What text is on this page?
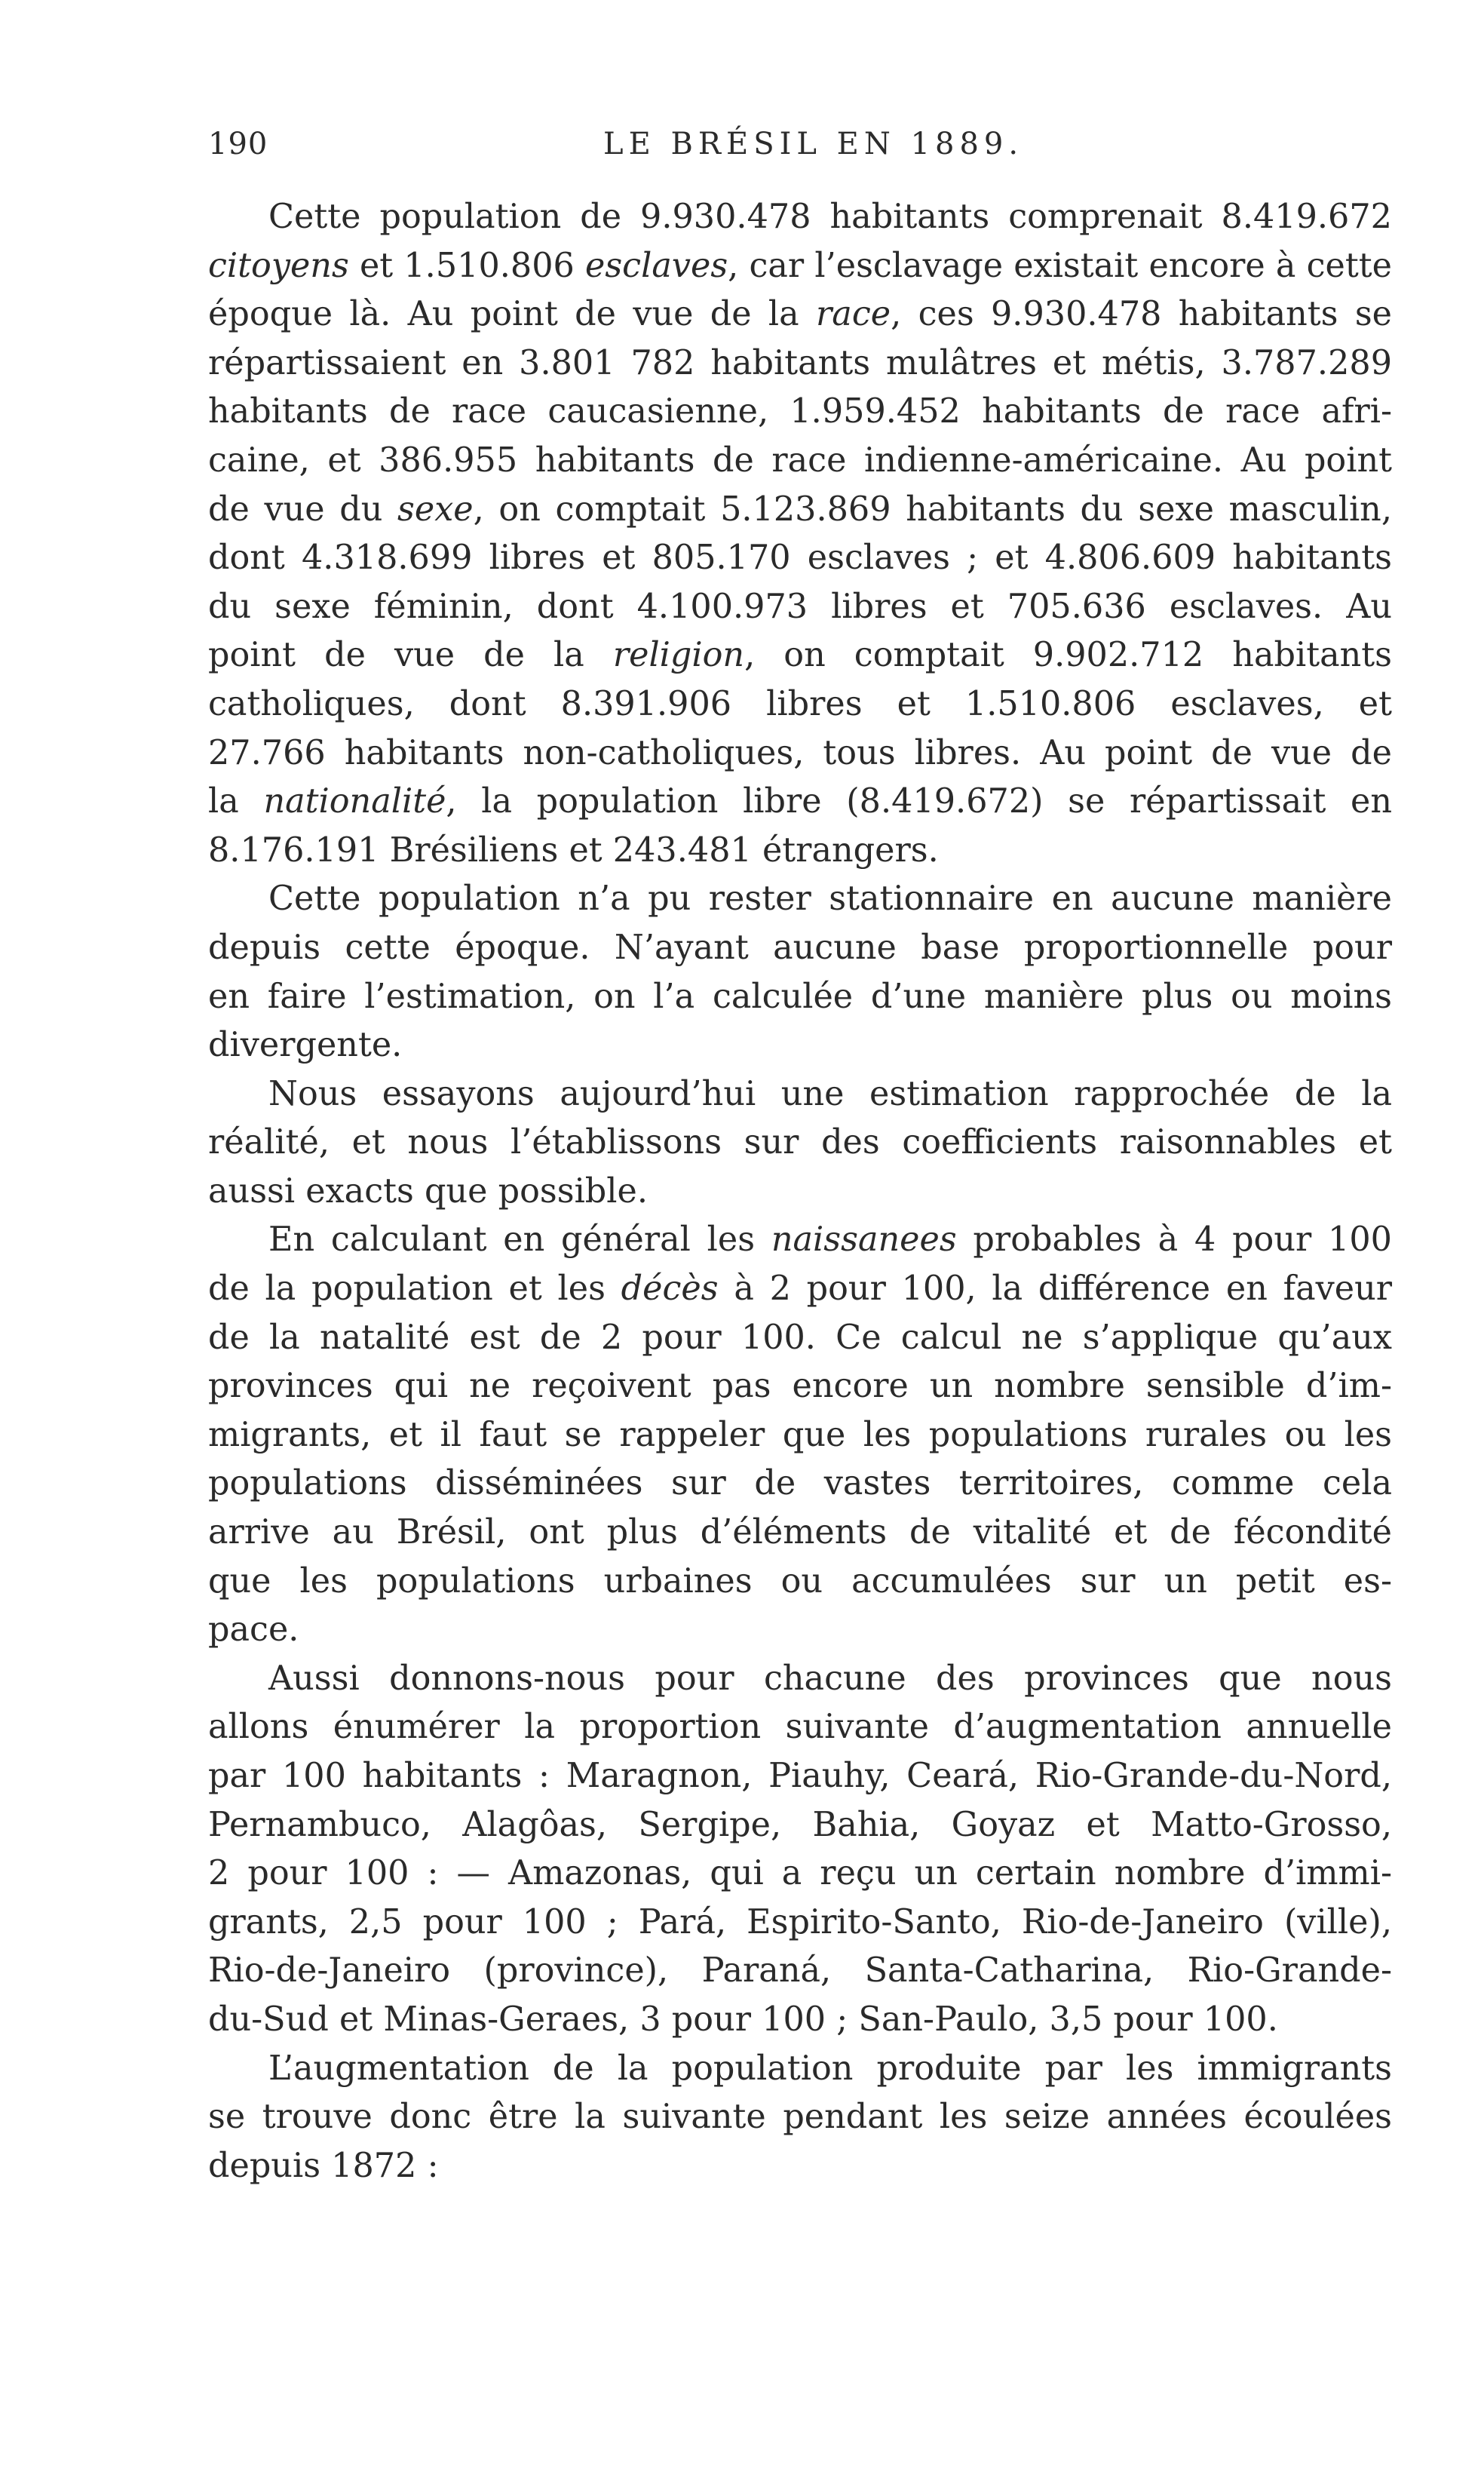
190	LE BRÉSIL EN 1889.
Cette population de 9.930.478 habitants comprenait 8.419.672
citoyens et 1.510.806 esclaves, car l’esclavage existait encore à cette
époque là. Au point de vue de la race, ces 9.930.478 habitants se
répartissaient en 3.801 782 habitants mulâtres et métis, 3.787.289
habitants de race caucasienne, 1.959.452 habitants de race afri-
caine, et 386.955 habitants de race indienne-américaine. Au point
de vue du sexe, on comptait 5.123.869 habitants du sexe masculin,
dont 4.318.699 libres et 805.170 esclaves ; et 4.806.609 habitants
du sexe féminin, dont 4.100.973 libres et 705.636 esclaves. Au
point de vue de la religion, on comptait 9.902.712 habitants
catholiques, dont 8.391.906 libres et 1.510.806 esclaves, et
27.766 habitants non-catholiques, tous libres. Au point de vue de
la nationalité, la population libre (8.419.672) se répartissait en
8.176.191 Brésiliens et 243.481 étrangers.
Cette population n’a pu rester stationnaire en aucune manière
depuis cette époque. N’ayant aucune base proportionnelle pour
en faire l’estimation, on l’a calculée d’une manière plus ou moins
divergente.
Nous essayons aujourd’hui une estimation rapprochée de la
réalité, et nous l’établissons sur des coefficients raisonnables et
aussi exacts que possible.
En calculant en général les naissanees probables à 4 pour 100
de la population et les décès à 2 pour 100, la différence en faveur
de la natalité est de 2 pour 100. Ce calcul ne s’applique qu’aux
provinces qui ne reçoivent pas encore un nombre sensible d’im-
migrants, et il faut se rappeler que les populations rurales ou les
populations disséminées sur de vastes territoires, comme cela
arrive au Brésil, ont plus d’éléments de vitalité et de fécondité
que les populations urbaines ou accumulées sur un petit es-
pace.
Aussi donnons-nous pour chacune des provinces que nous
allons énumérer la proportion suivante d’augmentation annuelle
par 100 habitants : Maragnon, Piauhy, Ceará, Rio-Grande-du-Nord,
Pernambuco, Alagôas, Sergipe, Bahia, Goyaz et Matto-Grosso,
2 pour 100 : — Amazonas, qui a reçu un certain nombre d’immi-
grants, 2,5 pour 100 ; Pará, Espirito-Santo, Rio-de-Janeiro (ville),
Rio-de-Janeiro (province), Paraná, Santa-Catharina, Rio-Grande-
du-Sud et Minas-Geraes, 3 pour 100 ; San-Paulo, 3,5 pour 100.
L’augmentation de la population produite par les immigrants
se trouve donc être la suivante pendant les seize années écoulées
depuis 1872 :
